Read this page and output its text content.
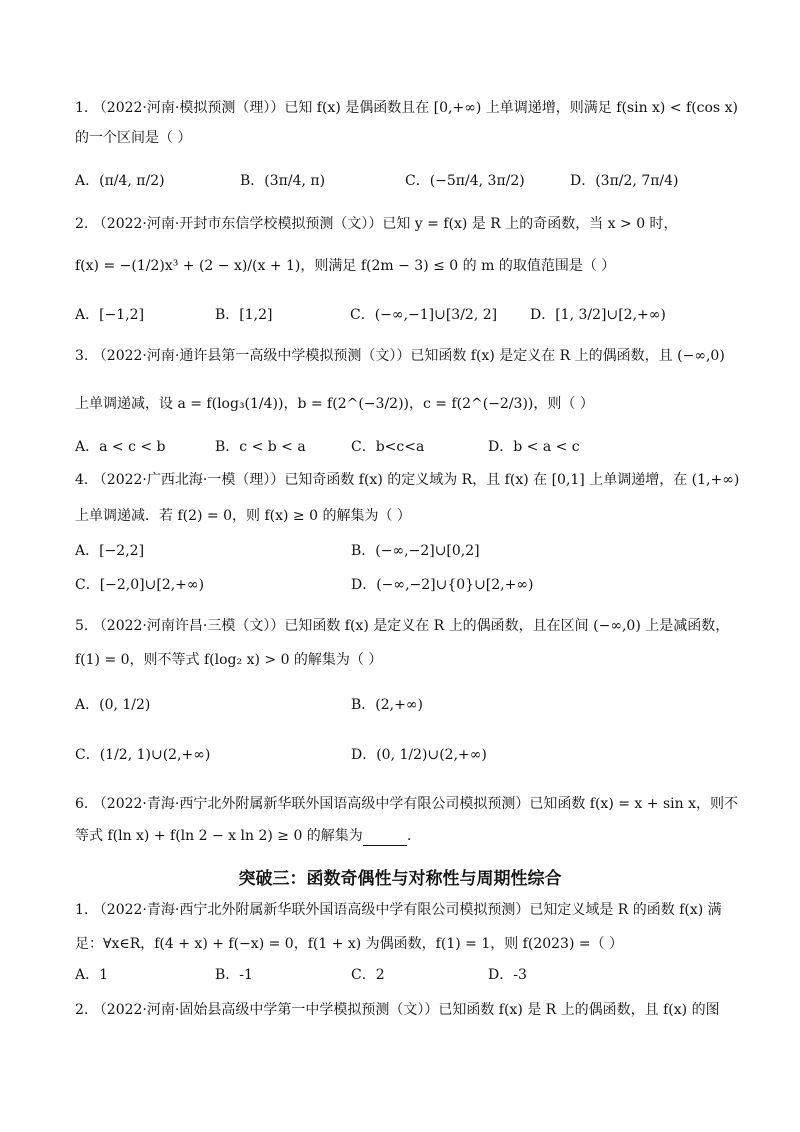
1. （2022·河南·模拟预测（理））已知 f(x) 是偶函数且在 [0,+∞) 上单调递增，则满足 f(sin x) < f(cos x)
的一个区间是（ ）
A．(π/4, π/2)	B．(3π/4, π)	C．(−5π/4, 3π/2)	D．(3π/2, 7π/4)
2. （2022·河南·开封市东信学校模拟预测（文））已知 y = f(x) 是 R 上的奇函数，当 x > 0 时，
f(x) = −(1/2)x³ + (2 − x)/(x + 1)，则满足 f(2m − 3) ≤ 0 的 m 的取值范围是（ ）
A．[−1,2]	B．[1,2]	C．(−∞,−1]∪[3/2, 2] D．[1, 3/2]∪[2,+∞)
3. （2022·河南·通许县第一高级中学模拟预测（文））已知函数 f(x) 是定义在 R 上的偶函数，且 (−∞,0)
上单调递减，设 a = f(log₃(1/4))，b = f(2^(−3/2))，c = f(2^(−2/3))，则（ ）
A．a < c < b	B．c < b < a	C．b<c<a	D．b < a < c
4. （2022·广西北海·一模（理））已知奇函数 f(x) 的定义域为 R，且 f(x) 在 [0,1] 上单调递增，在 (1,+∞)
上单调递减．若 f(2) = 0，则 f(x) ≥ 0 的解集为（ ）
A．[−2,2]	B．(−∞,−2]∪[0,2]
C．[−2,0]∪[2,+∞)	D．(−∞,−2]∪{0}∪[2,+∞)
5. （2022·河南许昌·三模（文））已知函数 f(x) 是定义在 R 上的偶函数，且在区间 (−∞,0) 上是减函数，
f(1) = 0，则不等式 f(log₂ x) > 0 的解集为（ ）
A．(0, 1/2)	B．(2,+∞)
C．(1/2, 1)∪(2,+∞)	D．(0, 1/2)∪(2,+∞)
6. （2022·青海·西宁北外附属新华联外国语高级中学有限公司模拟预测）已知函数 f(x) = x + sin x，则不
等式 f(ln x) + f(ln 2 − x ln 2) ≥ 0 的解集为	.
突破三：函数奇偶性与对称性与周期性综合
1. （2022·青海·西宁北外附属新华联外国语高级中学有限公司模拟预测）已知定义域是 R 的函数 f(x) 满
足：∀x∈R，f(4 + x) + f(−x) = 0，f(1 + x) 为偶函数，f(1) = 1，则 f(2023) =（ ）
A．1	B．-1	C．2	D．-3
2. （2022·河南·固始县高级中学第一中学模拟预测（文））已知函数 f(x) 是 R 上的偶函数，且 f(x) 的图
